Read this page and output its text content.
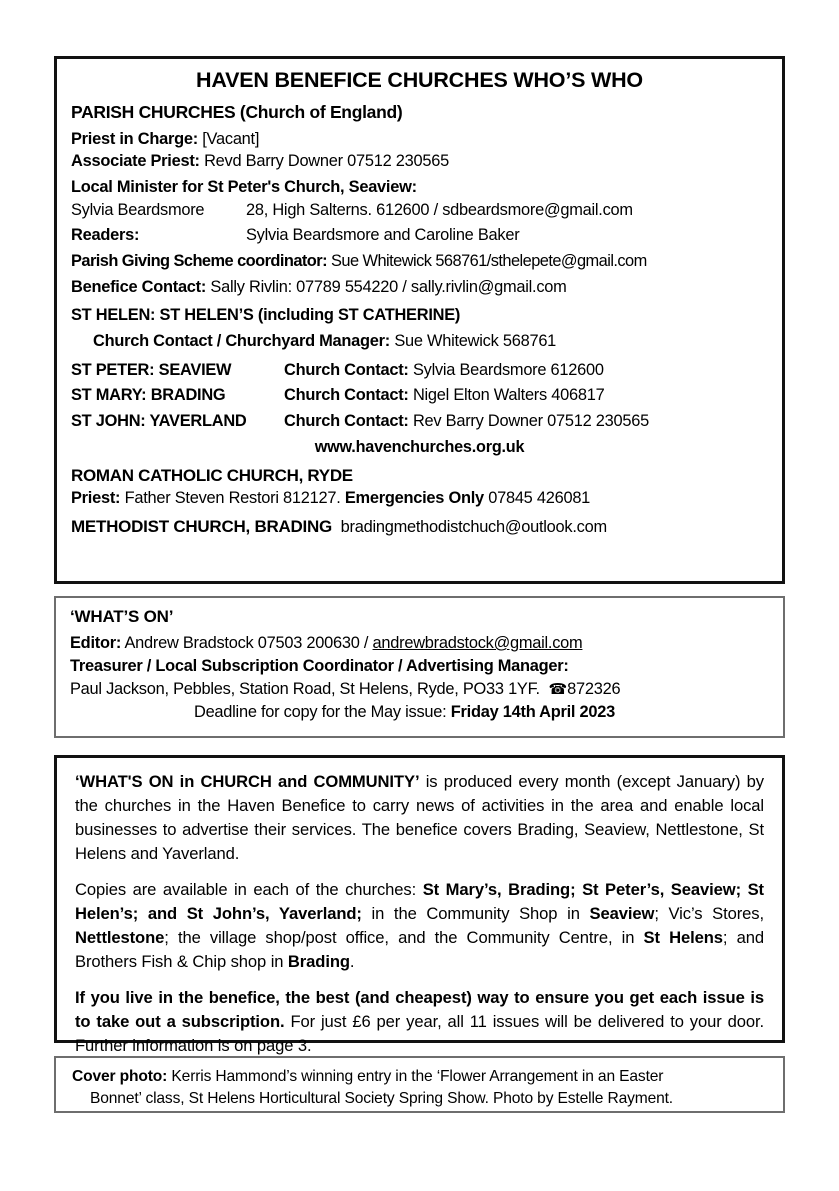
HAVEN BENEFICE CHURCHES WHO’S WHO
PARISH CHURCHES (Church of England)
Priest in Charge: [Vacant]
Associate Priest: Revd Barry Downer 07512 230565
Local Minister for St Peter's Church, Seaview:
Sylvia Beardsmore	28, High Salterns. 612600 / sdbeardsmore@gmail.com
Readers:	Sylvia Beardsmore and Caroline Baker
Parish Giving Scheme coordinator: Sue Whitewick 568761/sthelepete@gmail.com
Benefice Contact: Sally Rivlin: 07789 554220 / sally.rivlin@gmail.com
ST HELEN: ST HELEN’S (including ST CATHERINE)
Church Contact / Churchyard Manager: Sue Whitewick 568761
ST PETER: SEAVIEW	Church Contact: Sylvia Beardsmore 612600
ST MARY: BRADING	Church Contact: Nigel Elton Walters 406817
ST JOHN: YAVERLAND Church Contact: Rev Barry Downer 07512 230565
www.havenchurches.org.uk
ROMAN CATHOLIC CHURCH, RYDE
Priest: Father Steven Restori 812127. Emergencies Only 07845 426081
METHODIST CHURCH, BRADING bradingmethodistchuch@outlook.com
‘WHAT’S ON’
Editor: Andrew Bradstock 07503 200630 / andrewbradstock@gmail.com
Treasurer / Local Subscription Coordinator / Advertising Manager:
Paul Jackson, Pebbles, Station Road, St Helens, Ryde, PO33 1YF. ☎872326
Deadline for copy for the May issue: Friday 14th April 2023

‘WHAT'S ON in CHURCH and COMMUNITY’ is produced every month (except January) by the churches in the Haven Benefice to carry news of activities in the area and enable local businesses to advertise their services. The benefice covers Brading, Seaview, Nettlestone, St Helens and Yaverland.

Copies are available in each of the churches: St Mary’s, Brading; St Peter’s, Seaview; St Helen’s; and St John’s, Yaverland; in the Community Shop in Seaview; Vic’s Stores, Nettlestone; the village shop/post office, and the Community Centre, in St Helens; and Brothers Fish & Chip shop in Brading.

If you live in the benefice, the best (and cheapest) way to ensure you get each issue is to take out a subscription. For just £6 per year, all 11 issues will be delivered to your door. Further information is on page 3.

Cover photo: Kerris Hammond’s winning entry in the ‘Flower Arrangement in an Easter

Bonnet’ class, St Helens Horticultural Society Spring Show. Photo by Estelle Rayment.
